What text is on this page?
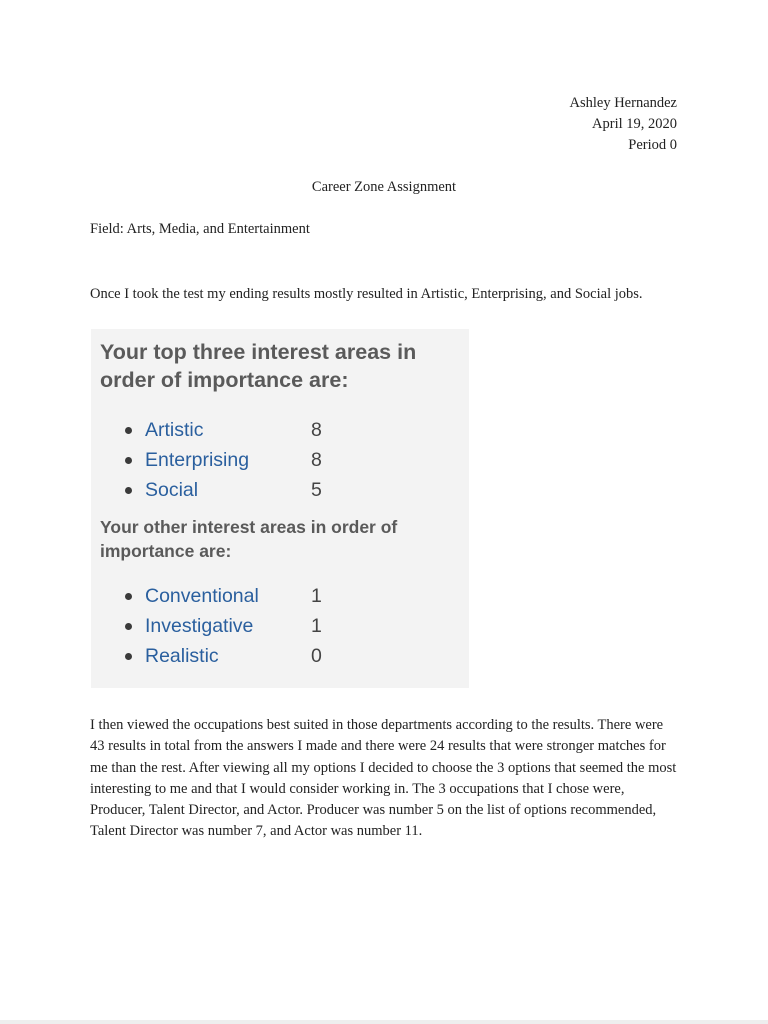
Ashley Hernandez
April 19, 2020
Period 0
Career Zone Assignment
Field: Arts, Media, and Entertainment
Once I took the test my ending results mostly resulted in Artistic, Enterprising, and Social jobs.
Your top three interest areas in order of importance are:
Artistic	8
Enterprising	8
Social	5
Your other interest areas in order of importance are:
Conventional	1
Investigative	1
Realistic	0
I then viewed the occupations best suited in those departments according to the results. There were 43 results in total from the answers I made and there were 24 results that were stronger matches for me than the rest. After viewing all my options I decided to choose the 3 options that seemed the most interesting to me and that I would consider working in. The 3 occupations that I chose were, Producer, Talent Director, and Actor. Producer was number 5 on the list of options recommended, Talent Director was number 7, and Actor was number 11.
